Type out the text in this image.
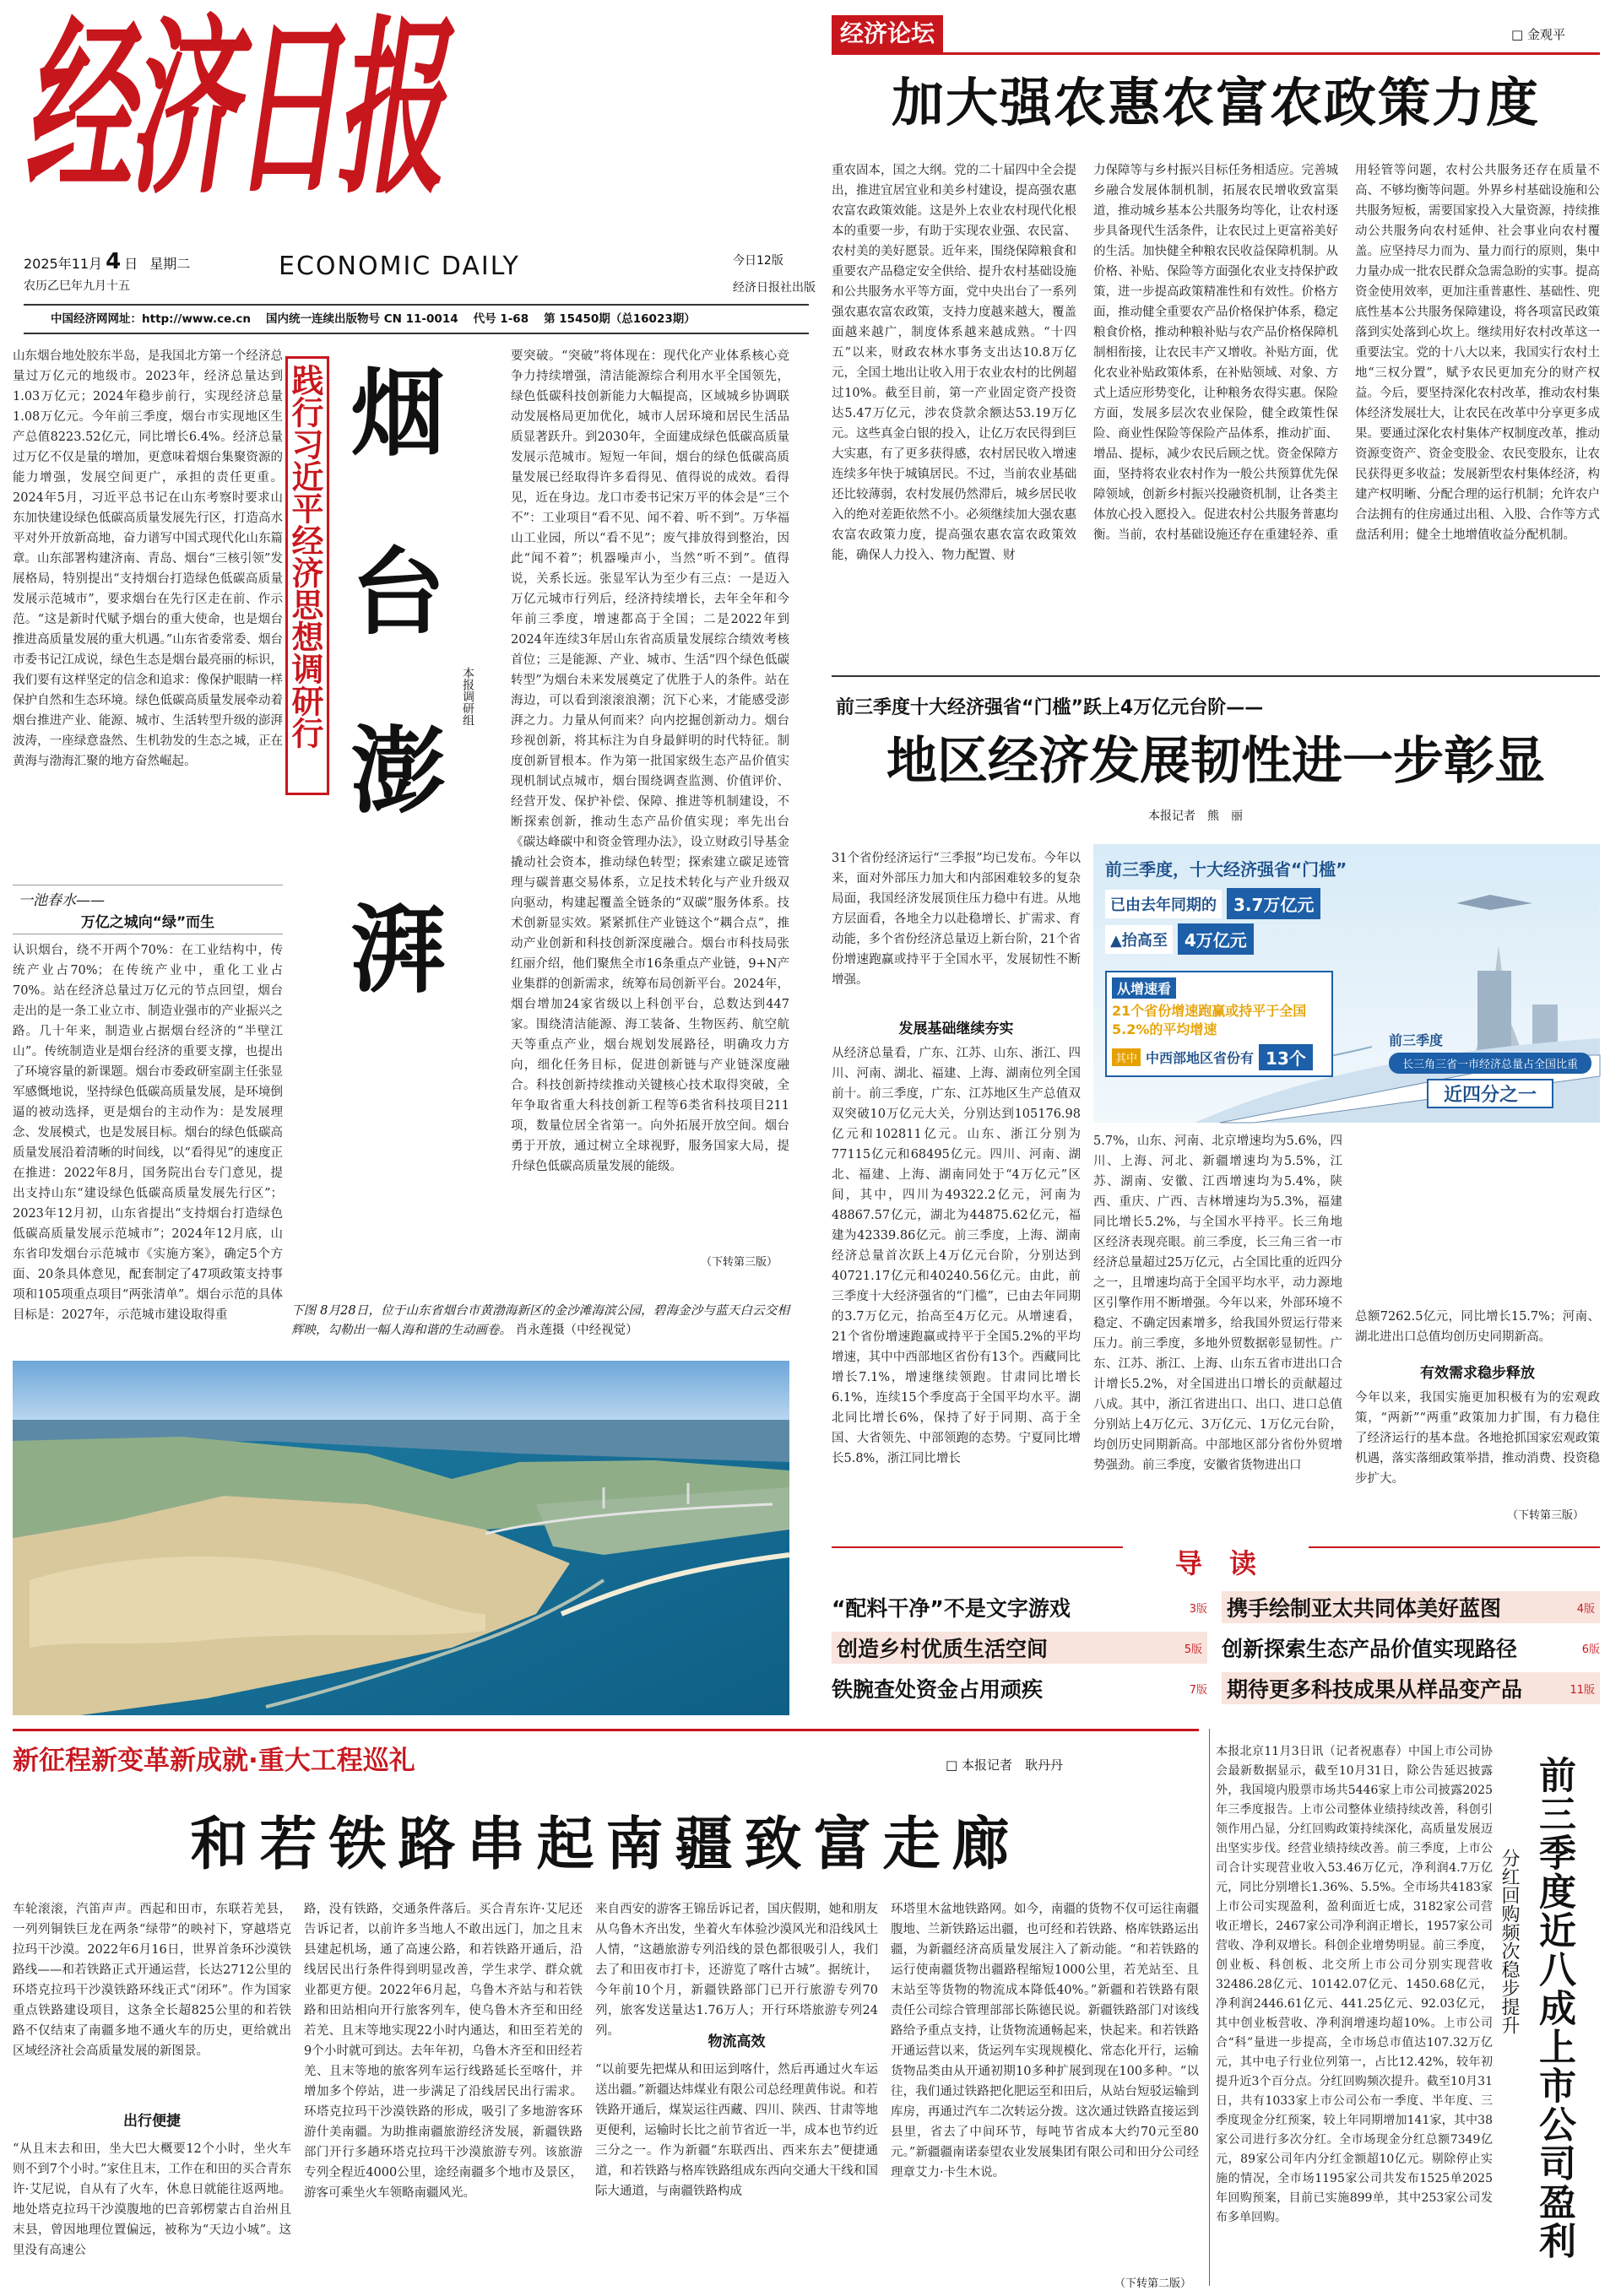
经济日报
2025年11月 4 日 星期二
农历乙巳年九月十五
ECONOMIC DAILY	今日12版
经济日报社出版
中国经济网网址：http://www.ce.cn 国内统一连续出版物号 CN 11-0014 代号 1-68 第 15450期（总16023期）
经济论坛	□ 金观平
加大强农惠农富农政策力度
重农固本，国之大纲。党的二十届四中全会提出，推进宜居宜业和美乡村建设，提高强农惠农富农政策效能。这是外上农业农村现代化根本的重要一步，有助于实现农业强、农民富、农村美的美好愿景。近年来，围绕保障粮食和重要农产品稳定安全供给、提升农村基础设施和公共服务水平等方面，党中央出台了一系列强农惠农富农政策，支持力度越来越大，覆盖面越来越广，制度体系越来越成熟。“十四五”以来，财政农林水事务支出达10.8万亿元，全国土地出让收入用于农业农村的比例超过10%。截至目前，第一产业固定资产投资达5.47万亿元，涉农贷款余额达53.19万亿元。这些真金白银的投入，让亿万农民得到巨大实惠，有了更多获得感，农村居民收入增速连续多年快于城镇居民。不过，当前农业基础还比较薄弱，农村发展仍然滞后，城乡居民收入的绝对差距依然不小。必须继续加大强农惠农富农政策力度，提高强农惠农富农政策效能，确保人力投入、物力配置、财
力保障等与乡村振兴目标任务相适应。完善城乡融合发展体制机制，拓展农民增收致富渠道，推动城乡基本公共服务均等化，让农村逐步具备现代生活条件，让农民过上更富裕美好的生活。加快健全种粮农民收益保障机制。从价格、补贴、保险等方面强化农业支持保护政策，进一步提高政策精准性和有效性。价格方面，推动健全重要农产品价格保护体系，稳定粮食价格，推动种粮补贴与农产品价格保障机制相衔接，让农民丰产又增收。补贴方面，优化农业补贴政策体系，在补贴领域、对象、方式上适应形势变化，让种粮务农得实惠。保险方面，发展多层次农业保险，健全政策性保险、商业性保险等保险产品体系，推动扩面、增品、提标，减少农民后顾之忧。资金保障方面，坚持将农业农村作为一般公共预算优先保障领域，创新乡村振兴投融资机制，让各类主体放心投入愿投入。促进农村公共服务普惠均衡。当前，农村基础设施还存在重建轻养、重
用轻管等问题，农村公共服务还存在质量不高、不够均衡等问题。外界乡村基础设施和公共服务短板，需要国家投入大量资源，持续推动公共服务向农村延伸、社会事业向农村覆盖。应坚持尽力而为、量力而行的原则，集中力量办成一批农民群众急需急盼的实事。提高资金使用效率，更加注重普惠性、基础性、兜底性基本公共服务保障建设，将各项富民政策落到实处落到心坎上。继续用好农村改革这一重要法宝。党的十八大以来，我国实行农村土地“三权分置”，赋予农民更加充分的财产权益。今后，要坚持深化农村改革，推动农村集体经济发展壮大，让农民在改革中分享更多成果。要通过深化农村集体产权制度改革，推动资源变资产、资金变股金、农民变股东，让农民获得更多收益；发展新型农村集体经济，构建产权明晰、分配合理的运行机制；允许农户合法拥有的住房通过出租、入股、合作等方式盘活利用；健全土地增值收益分配机制。
山东烟台地处胶东半岛，是我国北方第一个经济总量过万亿元的地级市。2023年，经济总量达到1.03万亿元；2024年稳步前行，实现经济总量1.08万亿元。今年前三季度，烟台市实现地区生产总值8223.52亿元，同比增长6.4%。经济总量过万亿不仅是量的增加，更意味着烟台集聚资源的能力增强，发展空间更广，承担的责任更重。2024年5月，习近平总书记在山东考察时要求山东加快建设绿色低碳高质量发展先行区，打造高水平对外开放新高地，奋力谱写中国式现代化山东篇章。山东部署构建济南、青岛、烟台“三核引领”发展格局，特别提出“支持烟台打造绿色低碳高质量发展示范城市”，要求烟台在先行区走在前、作示范。“这是新时代赋予烟台的重大使命，也是烟台推进高质量发展的重大机遇。”山东省委常委、烟台市委书记江成说，绿色生态是烟台最亮丽的标识，我们要有这样坚定的信念和追求：像保护眼睛一样保护自然和生态环境。绿色低碳高质量发展牵动着烟台推进产业、能源、城市、生活转型升级的澎湃波涛，一座绿意盎然、生机勃发的生态之城，正在黄海与渤海汇聚的地方奋然崛起。
一池春水——
万亿之城向“绿”而生
认识烟台，绕不开两个70%：在工业结构中，传统产业占70%；在传统产业中，重化工业占70%。站在经济总量过万亿元的节点回望，烟台走出的是一条工业立市、制造业强市的产业振兴之路。几十年来，制造业占据烟台经济的“半壁江山”。传统制造业是烟台经济的重要支撑，也提出了环境容量的新课题。烟台市委政研室副主任张显军感慨地说，坚持绿色低碳高质量发展，是环境倒逼的被动选择，更是烟台的主动作为：是发展理念、发展模式，也是发展目标。烟台的绿色低碳高质量发展沿着清晰的时间线，以“看得见”的速度正在推进：2022年8月，国务院出台专门意见，提出支持山东“建设绿色低碳高质量发展先行区”；2023年12月初，山东省提出“支持烟台打造绿色低碳高质量发展示范城市”；2024年12月底，山东省印发烟台示范城市《实施方案》，确定5个方面、20条具体意见，配套制定了47项政策支持事项和105项重点项目“两张清单”。烟台示范的具体目标是：2027年，示范城市建设取得重
践行习近平经济思想调研行 烟台澎湃	本报调研组
要突破。“突破”将体现在：现代化产业体系核心竞争力持续增强，清洁能源综合利用水平全国领先，绿色低碳科技创新能力大幅提高，区域城乡协调联动发展格局更加优化，城市人居环境和居民生活品质显著跃升。到2030年，全面建成绿色低碳高质量发展示范城市。短短一年间，烟台的绿色低碳高质量发展已经取得许多看得见、值得说的成效。看得见，近在身边。龙口市委书记宋万平的体会是“三个不”：工业项目“看不见、闻不着、听不到”。万华福山工业园，所以“看不见”；废气排放得到整治，因此“闻不着”；机器噪声小，当然“听不到”。值得说，关系长远。张显军认为至少有三点：一是迈入万亿元城市行列后，经济持续增长，去年全年和今年前三季度，增速都高于全国；二是2022年到2024年连续3年居山东省高质量发展综合绩效考核首位；三是能源、产业、城市、生活“四个绿色低碳转型”为烟台未来发展奠定了优胜于人的条件。站在海边，可以看到滚滚浪潮；沉下心来，才能感受澎湃之力。力量从何而来？向内挖掘创新动力。烟台珍视创新，将其标注为自身最鲜明的时代特征。制度创新冒根本。作为第一批国家级生态产品价值实现机制试点城市，烟台围绕调查监测、价值评价、经营开发、保护补偿、保障、推进等机制建设，不断探索创新，推动生态产品价值实现；率先出台《碳达峰碳中和资金管理办法》，设立财政引导基金撬动社会资本，推动绿色转型；探索建立碳足迹管理与碳普惠交易体系，立足技术转化与产业升级双向驱动，构建起覆盖全链条的“双碳”服务体系。技术创新显实效。紧紧抓住产业链这个“耦合点”，推动产业创新和科技创新深度融合。烟台市科技局张红丽介绍，他们聚焦全市16条重点产业链，9+N产业集群的创新需求，统筹布局创新平台。2024年，烟台增加24家省级以上科创平台，总数达到447家。围绕清洁能源、海工装备、生物医药、航空航天等重点产业，烟台规划发展路径，明确攻力方向，细化任务目标，促进创新链与产业链深度融合。科技创新持续推动关键核心技术取得突破，全年争取省重大科技创新工程等6类省科技项目211项，数量位居全省第一。向外拓展开放空间。烟台勇于开放，通过树立全球视野，服务国家大局，提升绿色低碳高质量发展的能级。
（下转第三版）
下图 8月28日，位于山东省烟台市黄渤海新区的金沙滩海滨公园，碧海金沙与蓝天白云交相辉映，勾勒出一幅人海和谐的生动画卷。 肖永莲摄（中经视觉）
前三季度十大经济强省“门槛”跃上4万亿元台阶——
地区经济发展韧性进一步彰显
本报记者　熊　丽
31个省份经济运行“三季报”均已发布。今年以来，面对外部压力加大和内部困难较多的复杂局面，我国经济发展顶住压力稳中有进。从地方层面看，各地全力以赴稳增长、扩需求、育动能，多个省份经济总量迈上新台阶，21个省份增速跑赢或持平于全国水平，发展韧性不断增强。
发展基础继续夯实
从经济总量看，广东、江苏、山东、浙江、四川、河南、湖北、福建、上海、湖南位列全国前十。前三季度，广东、江苏地区生产总值双双突破10万亿元大关，分别达到105176.98亿元和102811亿元。山东、浙江分别为77115亿元和68495亿元。四川、河南、湖北、福建、上海、湖南同处于“4万亿元”区间，其中，四川为49322.2亿元，河南为48867.57亿元，湖北为44875.62亿元，福建为42339.86亿元。前三季度，上海、湖南经济总量首次跃上4万亿元台阶，分别达到40721.17亿元和40240.56亿元。由此，前三季度十大经济强省的“门槛”，已由去年同期的3.7万亿元，抬高至4万亿元。从增速看，21个省份增速跑赢或持平于全国5.2%的平均增速，其中中西部地区省份有13个。西藏同比增长7.1%，增速继续领跑。甘肃同比增长6.1%，连续15个季度高于全国平均水平。湖北同比增长6%，保持了好于同期、高于全国、大省领先、中部领跑的态势。宁夏同比增长5.8%，浙江同比增长
5.7%，山东、河南、北京增速均为5.6%，四川、上海、河北、新疆增速均为5.5%，江苏、湖南、安徽、江西增速均为5.4%，陕西、重庆、广西、吉林增速均为5.3%，福建同比增长5.2%，与全国水平持平。长三角地区经济表现亮眼。前三季度，长三角三省一市经济总量超过25万亿元，占全国比重的近四分之一，且增速均高于全国平均水平，动力源地区引擎作用不断增强。今年以来，外部环境不稳定、不确定因素增多，给我国外贸运行带来压力。前三季度，多地外贸数据彰显韧性。广东、江苏、浙江、上海、山东五省市进出口合计增长5.2%，对全国进出口增长的贡献超过八成。其中，浙江省进出口、出口、进口总值分别站上4万亿元、3万亿元、1万亿元台阶，均创历史同期新高。中部地区部分省份外贸增势强劲。前三季度，安徽省货物进出口
总额7262.5亿元，同比增长15.7%；河南、湖北进出口总值均创历史同期新高。
有效需求稳步释放
今年以来，我国实施更加积极有为的宏观政策，“两新”“两重”政策加力扩围，有力稳住了经济运行的基本盘。各地抢抓国家宏观政策机遇，落实落细政策举措，推动消费、投资稳步扩大。
（下转第三版）
前三季度，十大经济强省“门槛”
已由去年同期的	3.7万亿元
▲抬高至	4万亿元
从增速看
21个省份增速跑赢或持平于全国5.2%的平均增速
其中 中西部地区省份有 13个
前三季度
长三角三省一市经济总量占全国比重
近四分之一
导　读
“配料干净”不是文字游戏	3版 携手绘制亚太共同体美好蓝图	4版
创造乡村优质生活空间	5版 创新探索生态产品价值实现路径	6版
铁腕查处资金占用顽疾	7版 期待更多科技成果从样品变产品	11版
新征程新变革新成就·重大工程巡礼	□ 本报记者　耿丹丹
和若铁路串起南疆致富走廊
车轮滚滚，汽笛声声。西起和田市，东联若羌县，一列列铜铁巨龙在两条“绿带”的映衬下，穿越塔克拉玛干沙漠。2022年6月16日，世界首条环沙漠铁路线——和若铁路正式开通运营，长达2712公里的环塔克拉玛干沙漠铁路环线正式“闭环”。作为国家重点铁路建设项目，这条全长超825公里的和若铁路不仅结束了南疆多地不通火车的历史，更给就出区域经济社会高质量发展的新图景。
出行便捷
“从且末去和田，坐大巴大概要12个小时，坐火车则不到7个小时。”家住且末，工作在和田的买合青东许·艾尼说，自从有了火车，休息日就能往返两地。地处塔克拉玛干沙漠腹地的巴音郭楞蒙古自治州且末县，曾因地理位置偏远，被称为“天边小城”。这里没有高速公
路，没有铁路，交通条件落后。买合青东许·艾尼还告诉记者，以前许多当地人不敢出远门，加之且末县建起机场，通了高速公路，和若铁路开通后，沿线居民出行条件得到明显改善，学生求学、群众就业都更方便。2022年6月起，乌鲁木齐站与和若铁路和田站相向开行旅客列车，使乌鲁木齐至和田经若羌、且末等地实现22小时内通达，和田至若羌的9个小时就可到达。去年年初，乌鲁木齐至和田经若羌、且末等地的旅客列车运行线路延长至喀什，并增加多个停站，进一步满足了沿线居民出行需求。环塔克拉玛干沙漠铁路的形成，吸引了多地游客环游什美南疆。为助推南疆旅游经济发展，新疆铁路部门开行多趟环塔克拉玛干沙漠旅游专列。该旅游专列全程近4000公里，途经南疆多个地市及景区，游客可乘坐火车领略南疆风光。
来自西安的游客王锦岳诉记者，国庆假期，她和朋友从乌鲁木齐出发，坐着火车体验沙漠风光和沿线风土人情，“这趟旅游专列沿线的景色都很吸引人，我们去了和田夜市打卡，还游览了喀什古城”。据统计，今年前10个月，新疆铁路部门已开行旅游专列70列，旅客发送量达1.76万人；开行环塔旅游专列24列。
物流高效
“以前要先把煤从和田运到喀什，然后再通过火车运送出疆。”新疆达炜煤业有限公司总经理黄伟说。和若铁路开通后，煤炭运往西藏、四川、陕西、甘肃等地更便利，运输时长比之前节省近一半，成本也节约近三分之一。作为新疆“东联西出、西来东去”便捷通道，和若铁路与格库铁路组成东西向交通大干线和国际大通道，与南疆铁路构成
环塔里木盆地铁路网。如今，南疆的货物不仅可运往南疆腹地、兰新铁路运出疆，也可经和若铁路、格库铁路运出疆，为新疆经济高质量发展注入了新动能。“和若铁路的运行使南疆货物出疆路程缩短1000公里，若羌站至、且末站至等货物的物流成本降低40%。”新疆和若铁路有限责任公司综合管理部部长陈德民说。新疆铁路部门对该线路给予重点支持，让货物流通畅起来，快起来。和若铁路开通运营以来，货运列车实现规模化、常态化开行，运输货物品类由从开通初期10多种扩展到现在100多种。“以往，我们通过铁路把化肥运至和田后，从站台短驳运输到库房，再通过汽车二次转运分拨。这次通过铁路直接运到县里，省去了中间环节，每吨节省成本大约70元至80元。”新疆疆南诺泰望农业发展集团有限公司和田分公司经理章艾力·卡生木说。
（下转第二版）
本报北京11月3日讯（记者祝惠春）中国上市公司协会最新数据显示，截至10月31日，除公告延迟披露外，我国境内股票市场共5446家上市公司披露2025年三季度报告。上市公司整体业绩持续改善，科创引领作用凸显，分红回购政策持续深化，高质量发展迈出坚实步伐。经营业绩持续改善。前三季度，上市公司合计实现营业收入53.46万亿元，净利润4.7万亿元，同比分别增长1.36%、5.5%。全市场共4183家上市公司实现盈利，盈利面近七成，3182家公司营收正增长，2467家公司净利润正增长，1957家公司营收、净利双增长。科创企业增势明显。前三季度，创业板、科创板、北交所上市公司分别实现营收32486.28亿元、10142.07亿元、1450.68亿元，净利润2446.61亿元、441.25亿元、92.03亿元，其中创业板营收、净利润增速均超10%。上市公司合“科”量进一步提高，全市场总市值达107.32万亿元，其中电子行业位列第一，占比12.42%，较年初提升近3个百分点。分红回购频次提升。截至10月31日，共有1033家上市公司公布一季度、半年度、三季度现金分红预案，较上年同期增加141家，其中38家公司进行多次分红。全市场现金分红总额7349亿元，89家公司年内分红金额超10亿元。剔除停止实施的情况，全市场1195家公司共发布1525单2025年回购预案，目前已实施899单，其中253家公司发布多单回购。	前三季度近八成上市公司盈利
分红回购频次稳步提升
